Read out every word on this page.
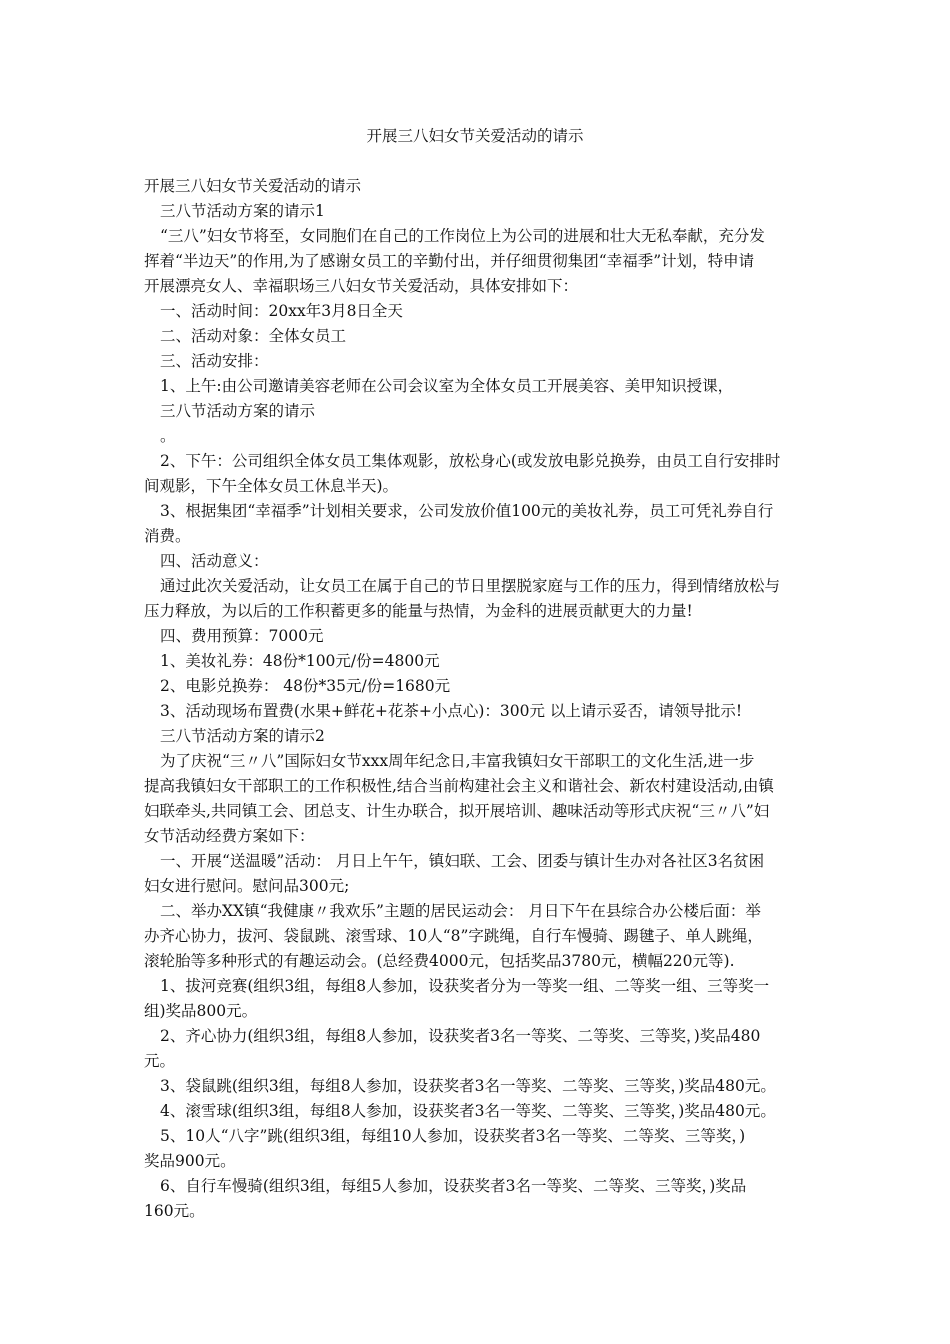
开展三八妇女节关爱活动的请示

开展三八妇女节关爱活动的请示

三八节活动方案的请示1

“三八”妇女节将至，女同胞们在自己的工作岗位上为公司的进展和壮大无私奉献，充分发

挥着“半边天”的作用,为了感谢女员工的辛勤付出，并仔细贯彻集团“幸福季”计划，特申请

开展漂亮女人、幸福职场三八妇女节关爱活动，具体安排如下：

一、活动时间：20xx年3月8日全天

二、活动对象：全体女员工

三、活动安排：

1、上午:由公司邀请美容老师在公司会议室为全体女员工开展美容、美甲知识授课，

三八节活动方案的请示

。

2、下午：公司组织全体女员工集体观影，放松身心(或发放电影兑换券，由员工自行安排时

间观影，下午全体女员工休息半天)。

3、根据集团“幸福季”计划相关要求，公司发放价值100元的美妆礼券，员工可凭礼券自行

消费。

四、活动意义：

通过此次关爱活动，让女员工在属于自己的节日里摆脱家庭与工作的压力，得到情绪放松与

压力释放，为以后的工作积蓄更多的能量与热情，为金科的进展贡献更大的力量!

四、费用预算：7000元

1、美妆礼券：48份*100元/份=4800元

2、电影兑换券： 48份*35元/份=1680元

3、活动现场布置费(水果+鲜花+花茶+小点心)：300元 以上请示妥否，请领导批示!

三八节活动方案的请示2

为了庆祝“三〃八”国际妇女节xxx周年纪念日,丰富我镇妇女干部职工的文化生活,进一步

提高我镇妇女干部职工的工作积极性,结合当前构建社会主义和谐社会、新农村建设活动,由镇

妇联牵头,共同镇工会、团总支、计生办联合，拟开展培训、趣味活动等形式庆祝“三〃八”妇

女节活动经费方案如下：

一、开展“送温暖”活动： 月日上午午，镇妇联、工会、团委与镇计生办对各社区3名贫困

妇女进行慰问。慰问品300元;

二、举办XX镇“我健康〃我欢乐”主题的居民运动会： 月日下午在县综合办公楼后面：举

办齐心协力，拔河、袋鼠跳、滚雪球、10人“8”字跳绳，自行车慢骑、踢毽子、单人跳绳，

滚轮胎等多种形式的有趣运动会。(总经费4000元，包括奖品3780元，横幅220元等).

1、拔河竞赛(组织3组，每组8人参加，设获奖者分为一等奖一组、二等奖一组、三等奖一

组)奖品800元。

2、齐心协力(组织3组，每组8人参加，设获奖者3名一等奖、二等奖、三等奖，)奖品480

元。

3、袋鼠跳(组织3组，每组8人参加，设获奖者3名一等奖、二等奖、三等奖，)奖品480元。

4、滚雪球(组织3组，每组8人参加，设获奖者3名一等奖、二等奖、三等奖，)奖品480元。

5、10人“八字”跳(组织3组，每组10人参加，设获奖者3名一等奖、二等奖、三等奖，)

奖品900元。

6、自行车慢骑(组织3组，每组5人参加，设获奖者3名一等奖、二等奖、三等奖，)奖品

160元。
